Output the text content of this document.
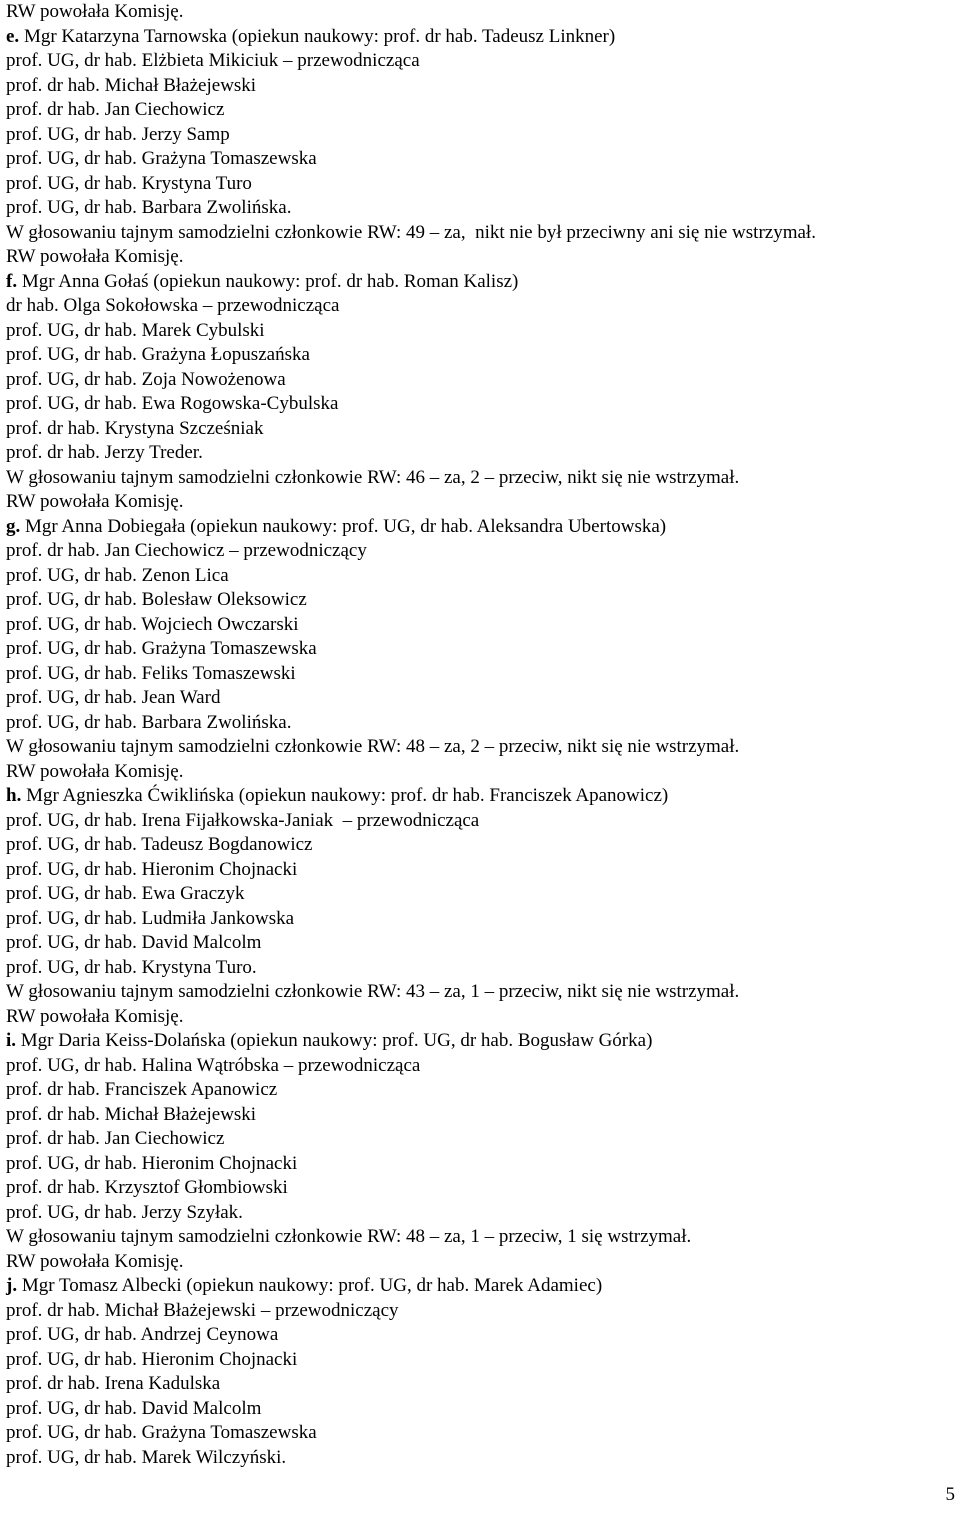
RW powołała Komisję.
e. Mgr Katarzyna Tarnowska (opiekun naukowy: prof. dr hab. Tadeusz Linkner)
prof. UG, dr hab. Elżbieta Mikiciuk – przewodnicząca
prof. dr hab. Michał Błażejewski
prof. dr hab. Jan Ciechowicz
prof. UG, dr hab. Jerzy Samp
prof. UG, dr hab. Grażyna Tomaszewska
prof. UG, dr hab. Krystyna Turo
prof. UG, dr hab. Barbara Zwolińska.
W głosowaniu tajnym samodzielni członkowie RW: 49 – za,  nikt nie był przeciwny ani się nie wstrzymał.
RW powołała Komisję.
f. Mgr Anna Gołaś (opiekun naukowy: prof. dr hab. Roman Kalisz)
dr hab. Olga Sokołowska – przewodnicząca
prof. UG, dr hab. Marek Cybulski
prof. UG, dr hab. Grażyna Łopuszańska
prof. UG, dr hab. Zoja Nowożenowa
prof. UG, dr hab. Ewa Rogowska-Cybulska
prof. dr hab. Krystyna Szcześniak
prof. dr hab. Jerzy Treder.
W głosowaniu tajnym samodzielni członkowie RW: 46 – za, 2 – przeciw, nikt się nie wstrzymał.
RW powołała Komisję.
g. Mgr Anna Dobiegała (opiekun naukowy: prof. UG, dr hab. Aleksandra Ubertowska)
prof. dr hab. Jan Ciechowicz – przewodniczący
prof. UG, dr hab. Zenon Lica
prof. UG, dr hab. Bolesław Oleksowicz
prof. UG, dr hab. Wojciech Owczarski
prof. UG, dr hab. Grażyna Tomaszewska
prof. UG, dr hab. Feliks Tomaszewski
prof. UG, dr hab. Jean Ward
prof. UG, dr hab. Barbara Zwolińska.
W głosowaniu tajnym samodzielni członkowie RW: 48 – za, 2 – przeciw, nikt się nie wstrzymał.
RW powołała Komisję.
h. Mgr Agnieszka Ćwiklińska (opiekun naukowy: prof. dr hab. Franciszek Apanowicz)
prof. UG, dr hab. Irena Fijałkowska-Janiak  – przewodnicząca
prof. UG, dr hab. Tadeusz Bogdanowicz
prof. UG, dr hab. Hieronim Chojnacki
prof. UG, dr hab. Ewa Graczyk
prof. UG, dr hab. Ludmiła Jankowska
prof. UG, dr hab. David Malcolm
prof. UG, dr hab. Krystyna Turo.
W głosowaniu tajnym samodzielni członkowie RW: 43 – za, 1 – przeciw, nikt się nie wstrzymał.
RW powołała Komisję.
i. Mgr Daria Keiss-Dolańska (opiekun naukowy: prof. UG, dr hab. Bogusław Górka)
prof. UG, dr hab. Halina Wątróbska – przewodnicząca
prof. dr hab. Franciszek Apanowicz
prof. dr hab. Michał Błażejewski
prof. dr hab. Jan Ciechowicz
prof. UG, dr hab. Hieronim Chojnacki
prof. dr hab. Krzysztof Głombiowski
prof. UG, dr hab. Jerzy Szyłak.
W głosowaniu tajnym samodzielni członkowie RW: 48 – za, 1 – przeciw, 1 się wstrzymał.
RW powołała Komisję.
j. Mgr Tomasz Albecki (opiekun naukowy: prof. UG, dr hab. Marek Adamiec)
prof. dr hab. Michał Błażejewski – przewodniczący
prof. UG, dr hab. Andrzej Ceynowa
prof. UG, dr hab. Hieronim Chojnacki
prof. dr hab. Irena Kadulska
prof. UG, dr hab. David Malcolm
prof. UG, dr hab. Grażyna Tomaszewska
prof. UG, dr hab. Marek Wilczyński.
5
